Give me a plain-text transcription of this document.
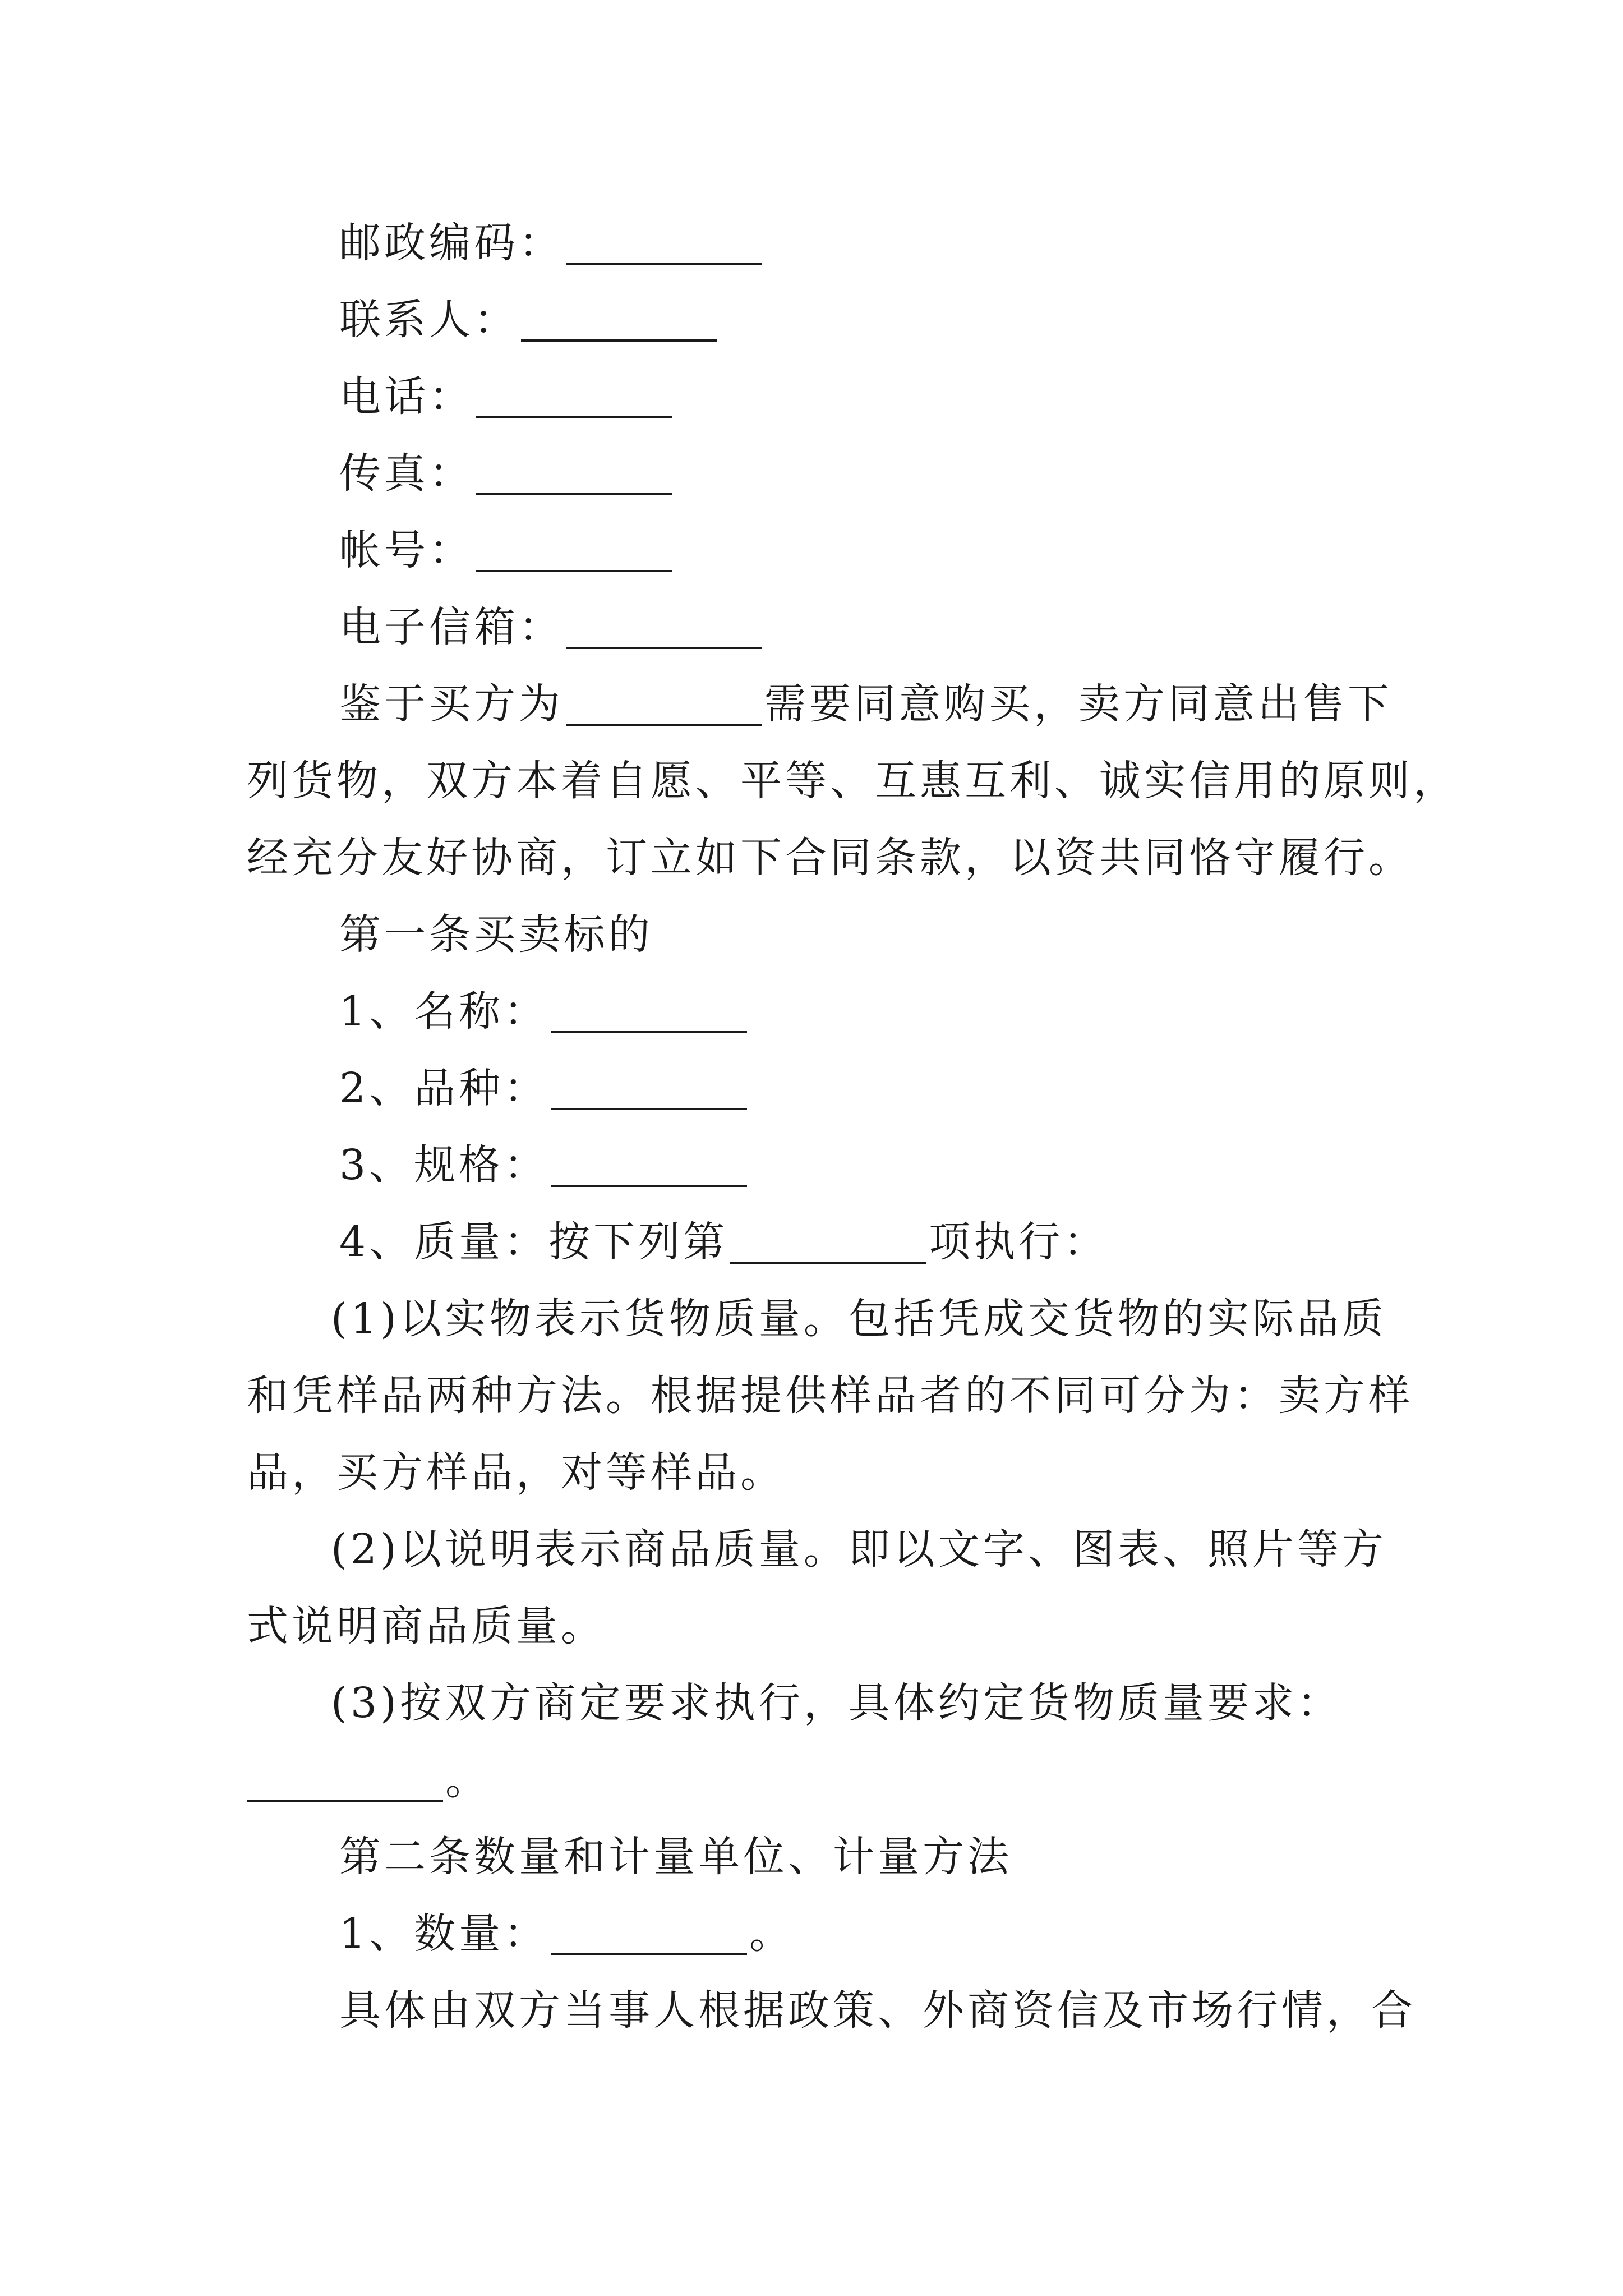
邮政编码：
联系人：
电话：
传真：
帐号：
电子信箱：
鉴于买方为	需要同意购买，卖方同意出售下
列货物，双方本着自愿、平等、互惠互利、诚实信用的原则，
经充分友好协商，订立如下合同条款，以资共同恪守履行。
第一条买卖标的
1、名称：
2、品种：
3、规格：
4、质量：按下列第	项执行：
(1)以实物表示货物质量。包括凭成交货物的实际品质
和凭样品两种方法。根据提供样品者的不同可分为：卖方样
品，买方样品，对等样品。
(2)以说明表示商品质量。即以文字、图表、照片等方
式说明商品质量。
(3)按双方商定要求执行，具体约定货物质量要求：
。
第二条数量和计量单位、计量方法
1、数量：	。
具体由双方当事人根据政策、外商资信及市场行情，合
